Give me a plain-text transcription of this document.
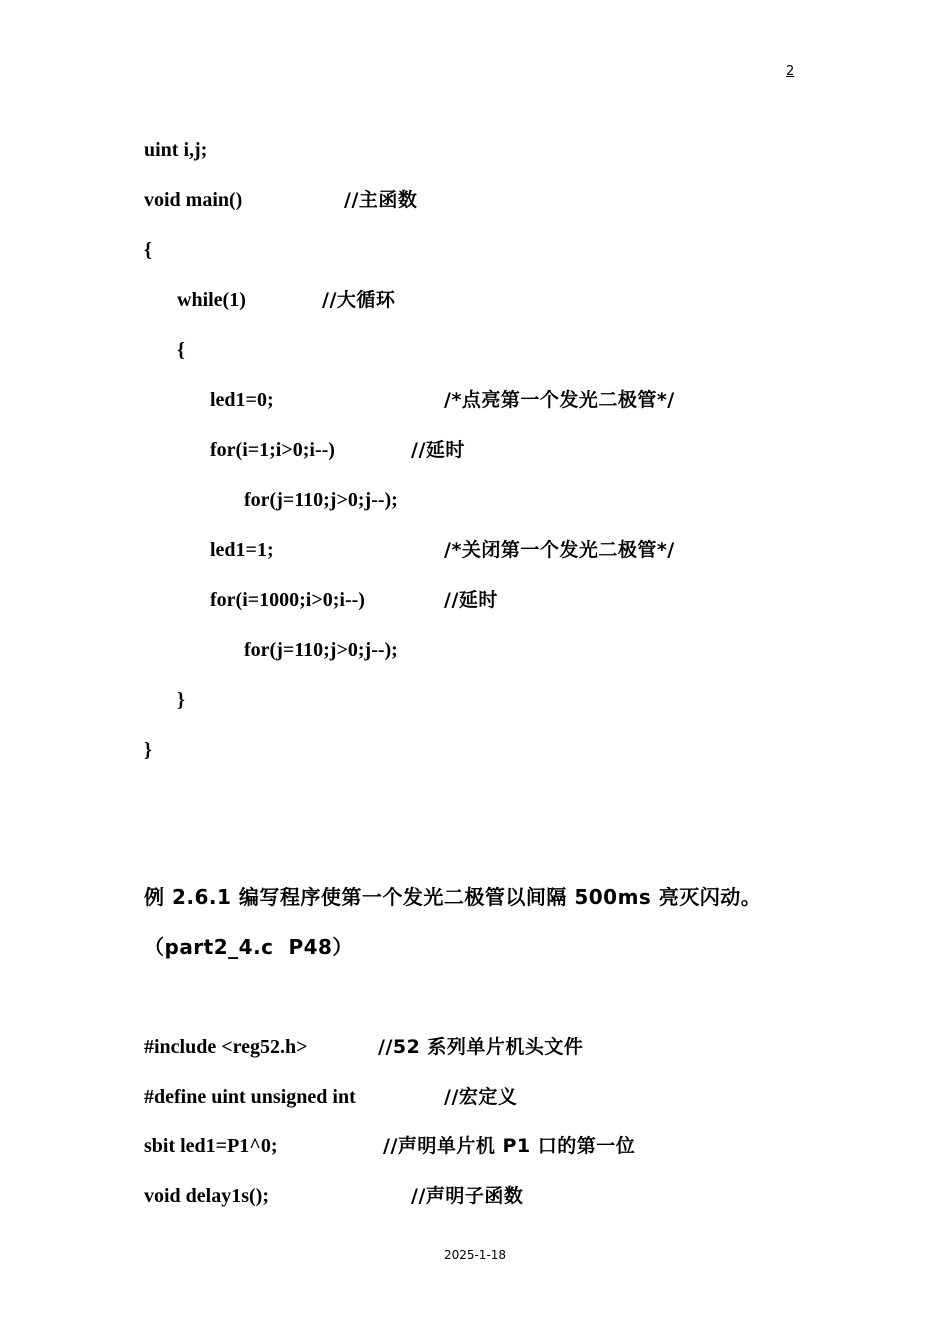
2

uint i,j;

void main()

	//主函数

{

while(1)

	//大循环

{

led1=0;

	/*点亮第一个发光二极管*/

for(i=1;i>0;i--)

	//延时

for(j=110;j>0;j--);

led1=1;

	/*关闭第一个发光二极管*/

for(i=1000;i>0;i--)

	//延时

for(j=110;j>0;j--);

}

}

例 2.6.1 编写程序使第一个发光二极管以间隔 500ms 亮灭闪动。
（part2_4.c  P48）

#include <reg52.h>

	//52 系列单片机头文件

#define uint unsigned int

	//宏定义

sbit led1=P1^0;

	//声明单片机 P1 口的第一位

void delay1s();

	//声明子函数

2025-1-18
